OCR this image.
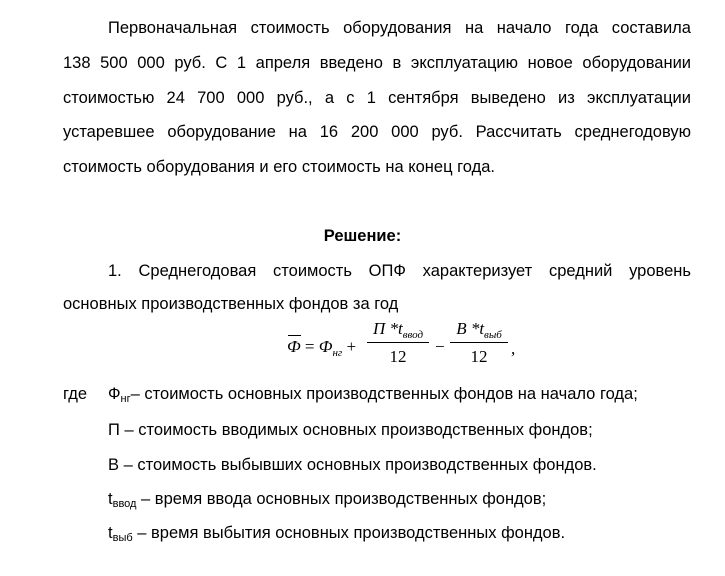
Первоначальная стоимость оборудования на начало года составила
138 500 000 руб. С 1 апреля введено в эксплуатацию новое оборудовании
стоимостью 24 700 000 руб., а с 1 сентября выведено из эксплуатации
устаревшее оборудование на 16 200 000 руб. Рассчитать среднегодовую
стоимость оборудования и его стоимость на конец года.
Решение:
1. Среднегодовая стоимость ОПФ характеризует средний уровень
основных производственных фондов за год
$Ф = Ф_{нг}$ +
П $*t_{ввод}$
12
−
В $*t_{выб}$
12	,
где Фнг– стоимость основных производственных фондов на начало года;
П – стоимость вводимых основных производственных фондов;
В – стоимость выбывших основных производственных фондов.
tввод – время ввода основных производственных фондов;
tвыб – время выбытия основных производственных фондов.
